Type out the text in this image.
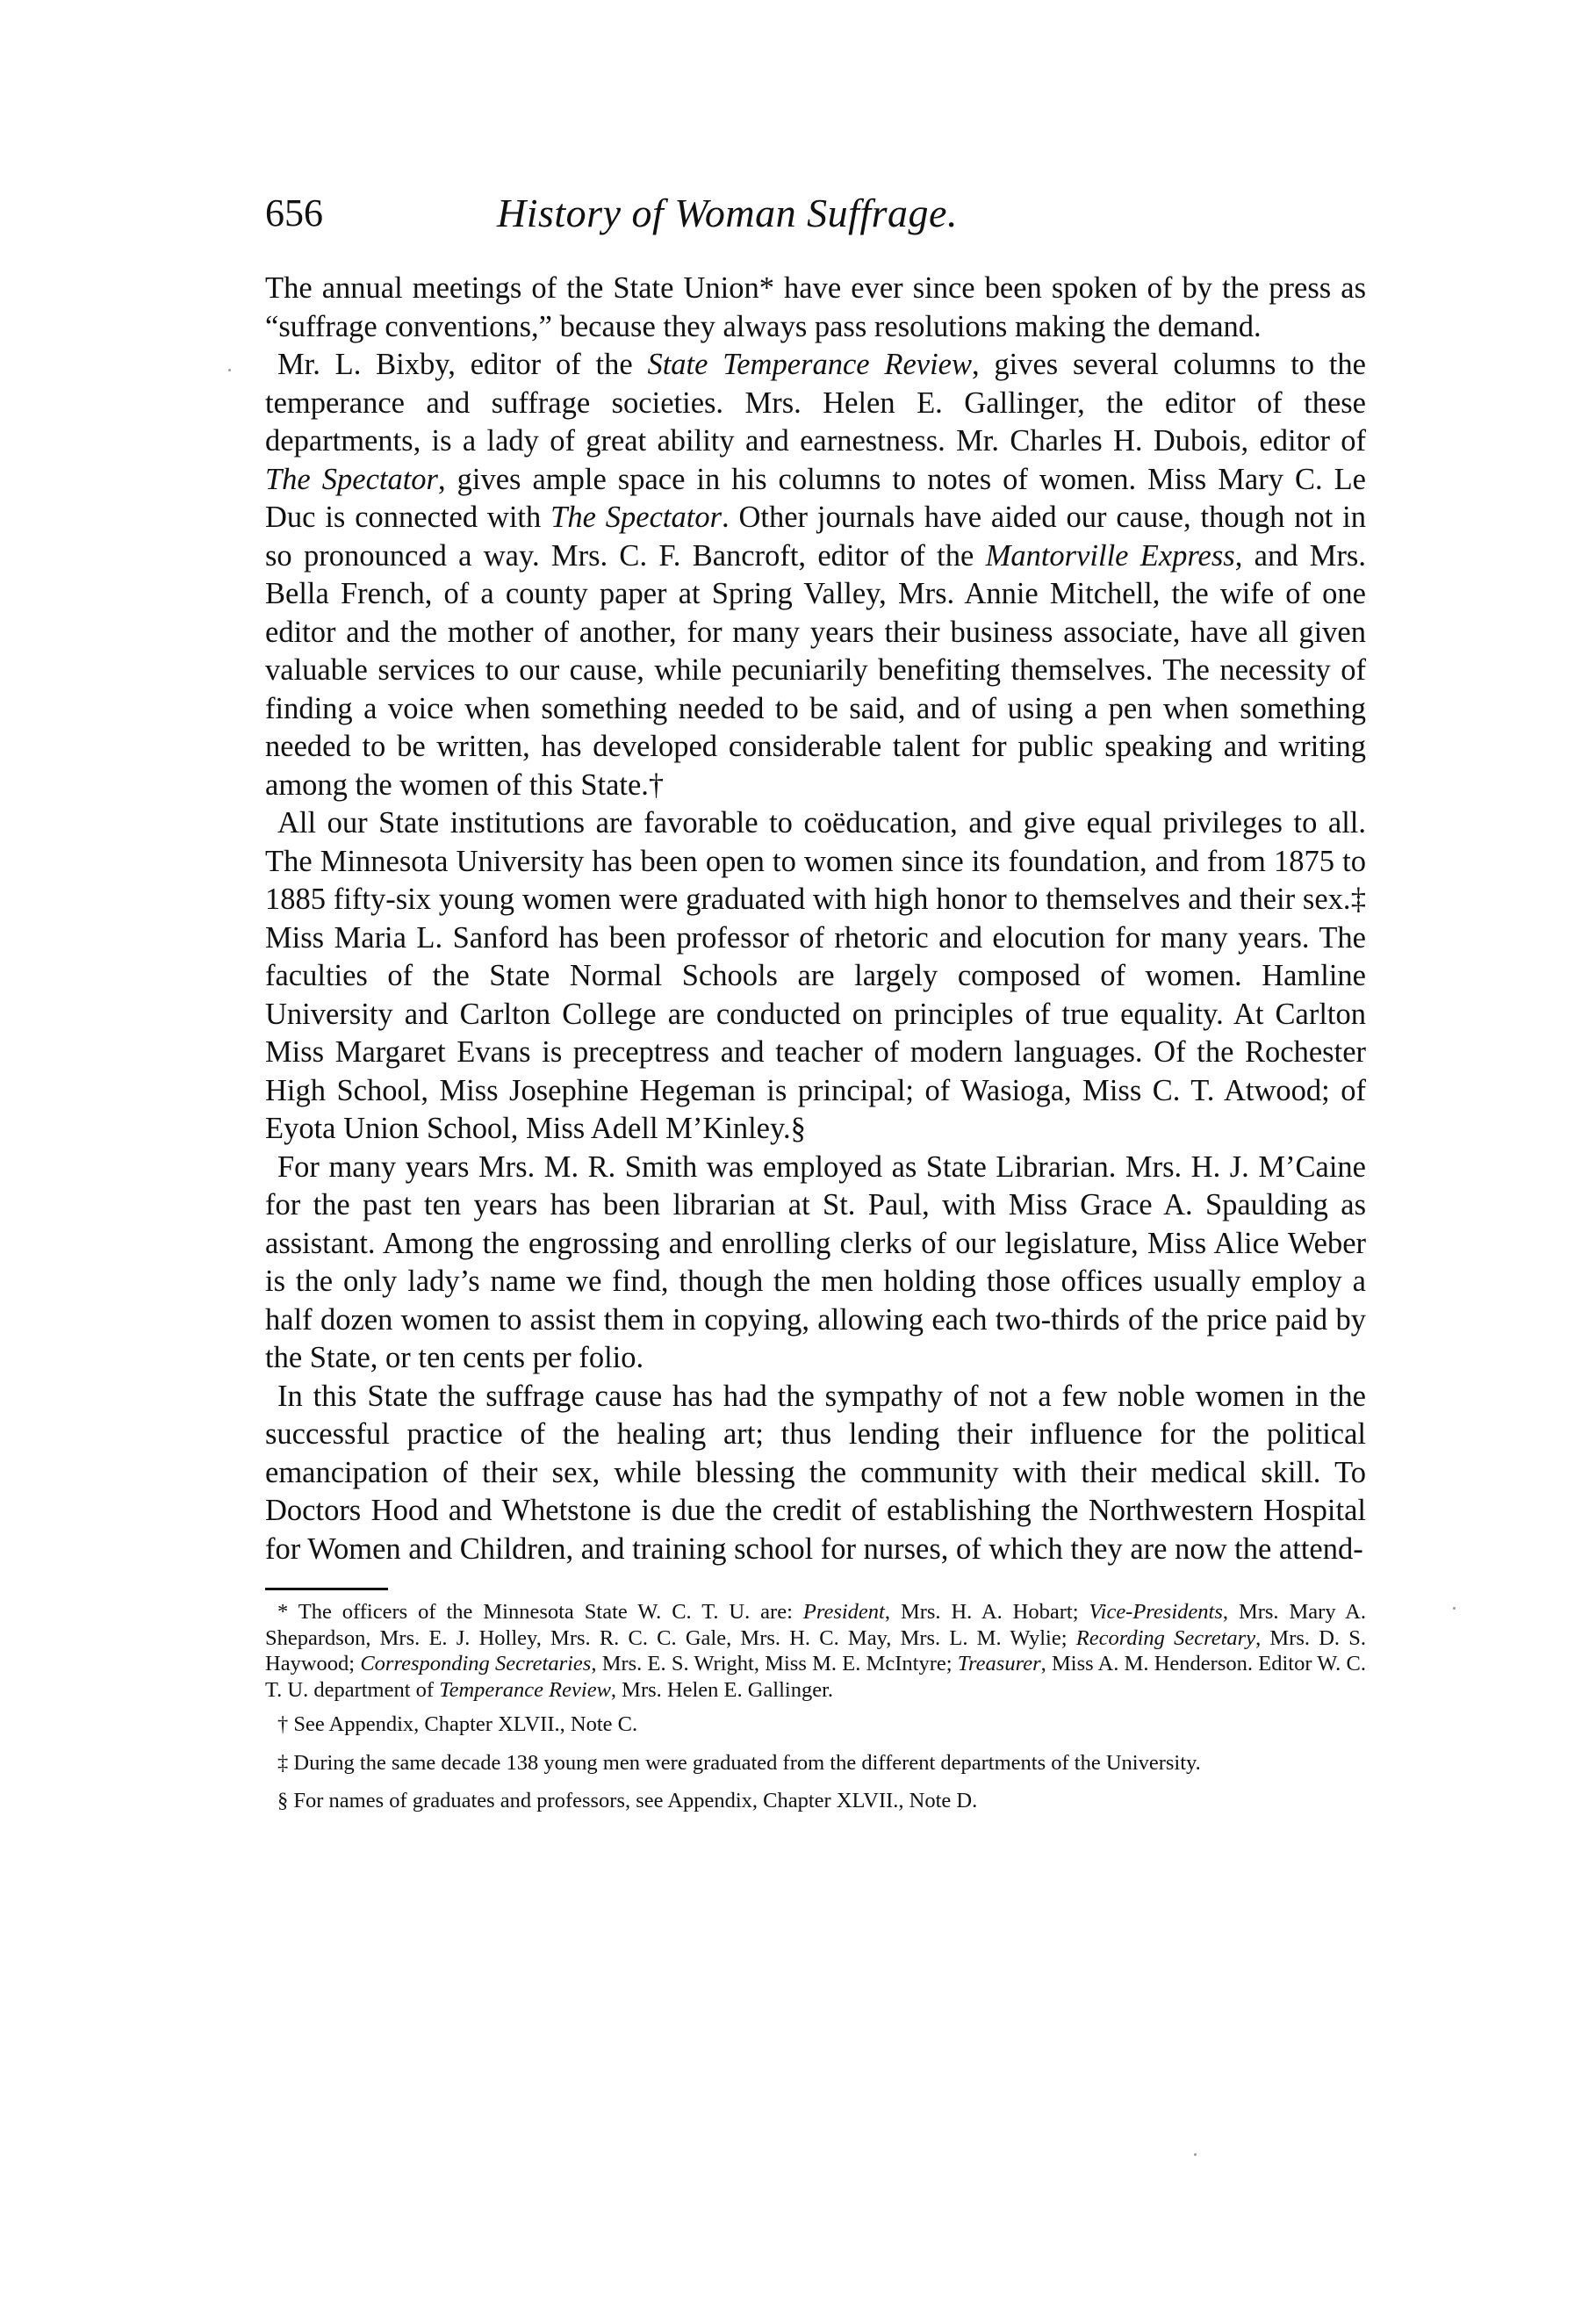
656	History of Woman Suffrage.

The annual meetings of the State Union* have ever since been spoken of by the press as “suffrage conventions,” because they always pass resolutions making the demand.

Mr. L. Bixby, editor of the State Temperance Review, gives several columns to the temperance and suffrage societies. Mrs. Helen E. Gallinger, the editor of these departments, is a lady of great ability and earnestness. Mr. Charles H. Dubois, editor of The Spectator, gives ample space in his columns to notes of women. Miss Mary C. Le Duc is connected with The Spectator. Other journals have aided our cause, though not in so pronounced a way. Mrs. C. F. Bancroft, editor of the Mantorville Express, and Mrs. Bella French, of a county paper at Spring Valley, Mrs. Annie Mitchell, the wife of one editor and the mother of another, for many years their business associate, have all given valuable services to our cause, while pecuniarily benefiting themselves. The necessity of finding a voice when something needed to be said, and of using a pen when something needed to be written, has developed considerable talent for public speaking and writing among the women of this State.†

All our State institutions are favorable to coëducation, and give equal privileges to all. The Minnesota University has been open to women since its foundation, and from 1875 to 1885 fifty-six young women were graduated with high honor to themselves and their sex.‡ Miss Maria L. Sanford has been professor of rhetoric and elocution for many years. The faculties of the State Normal Schools are largely composed of women. Hamline University and Carlton College are conducted on principles of true equality. At Carlton Miss Margaret Evans is preceptress and teacher of modern languages. Of the Rochester High School, Miss Josephine Hegeman is principal; of Wasioga, Miss C. T. Atwood; of Eyota Union School, Miss Adell M’Kinley.§

For many years Mrs. M. R. Smith was employed as State Librarian. Mrs. H. J. M’Caine for the past ten years has been librarian at St. Paul, with Miss Grace A. Spaulding as assistant. Among the engrossing and enrolling clerks of our legislature, Miss Alice Weber is the only lady’s name we find, though the men holding those offices usually employ a half dozen women to assist them in copying, allowing each two-thirds of the price paid by the State, or ten cents per folio.

In this State the suffrage cause has had the sympathy of not a few noble women in the successful practice of the healing art; thus lending their influence for the political emancipation of their sex, while blessing the community with their medical skill. To Doctors Hood and Whetstone is due the credit of establishing the Northwestern Hospital for Women and Children, and training school for nurses, of which they are now the attend-

* The officers of the Minnesota State W. C. T. U. are: President, Mrs. H. A. Hobart; Vice-Presidents, Mrs. Mary A. Shepardson, Mrs. E. J. Holley, Mrs. R. C. C. Gale, Mrs. H. C. May, Mrs. L. M. Wylie; Recording Secretary, Mrs. D. S. Haywood; Corresponding Secretaries, Mrs. E. S. Wright, Miss M. E. McIntyre; Treasurer, Miss A. M. Henderson. Editor W. C. T. U. department of Temperance Review, Mrs. Helen E. Gallinger.

† See Appendix, Chapter XLVII., Note C.

‡ During the same decade 138 young men were graduated from the different departments of the University.

§ For names of graduates and professors, see Appendix, Chapter XLVII., Note D.
